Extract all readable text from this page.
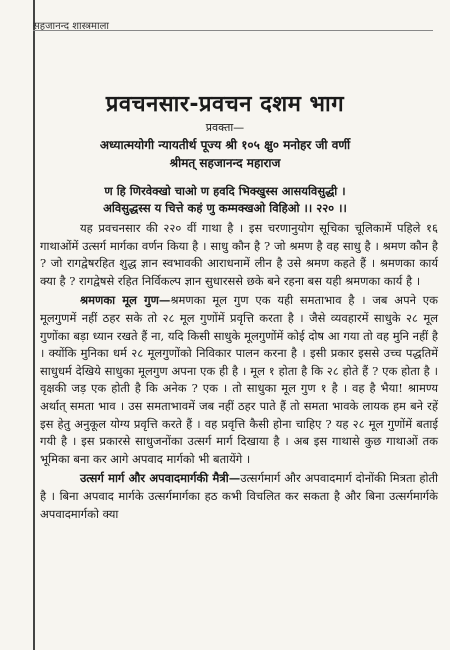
सहजानन्द शास्त्रमाला
प्रवचनसार-प्रवचन दशम भाग
प्रवक्ता—
अध्यात्मयोगी न्यायतीर्थ पूज्य श्री १०५ क्षु० मनोहर जी वर्णी
श्रीमत् सहजानन्द महाराज
ण हि णिरवेक्खो चाओ ण हवदि भिक्खुस्स आसयविसुद्धी ।
अविसुद्धस्स य चित्ते कहं णु कम्मक्खओ विहिओ ।। २२० ।।

यह प्रवचनसार की २२० वीं गाथा है । इस चरणानुयोग सूचिका चूलिकामें पहिले १६ गाथाओंमें उत्सर्ग मार्गका वर्णन किया है । साधु कौन है ? जो श्रमण है वह साधु है । श्रमण कौन है ? जो रागद्वेषरहित शुद्ध ज्ञान स्वभावकी आराधनामें लीन है उसे श्रमण कहते हैं । श्रमणका कार्य क्या है ? रागद्वेषसे रहित निर्विकल्प ज्ञान सुधारससे छके बने रहना बस यही श्रमणका कार्य है ।

श्रमणका मूल गुण—श्रमणका मूल गुण एक यही समताभाव है । जब अपने एक मूलगुणमें नहीं ठहर सके तो २८ मूल गुणोंमें प्रवृत्ति करता है । जैसे व्यवहारमें साधुके २८ मूल गुणोंका बड़ा ध्यान रखते हैं ना, यदि किसी साधुके मूलगुणोंमें कोई दोष आ गया तो वह मुनि नहीं है । क्योंकि मुनिका धर्म २८ मूलगुणोंको निविकार पालन करना है । इसी प्रकार इससे उच्च पद्धतिमें साधुधर्म देखिये साधुका मूलगुण अपना एक ही है । मूल १ होता है कि २८ होते हैं ? एक होता है । वृक्षकी जड़ एक होती है कि अनेक ? एक । तो साधुका मूल गुण १ है । वह है भैया! श्रामण्य अर्थात् समता भाव । उस समताभावमें जब नहीं ठहर पाते हैं तो समता भावके लायक हम बने रहें इस हेतु अनुकूल योग्य प्रवृत्ति करते हैं । वह प्रवृत्ति कैसी होना चाहिए ? यह २८ मूल गुणोंमें बताई गयी है । इस प्रकारसे साधुजनोंका उत्सर्ग मार्ग दिखाया है । अब इस गाथासे कुछ गाथाओं तक भूमिका बना कर आगे अपवाद मार्गको भी बतायेंगे ।

उत्सर्ग मार्ग और अपवादमार्गकी मैत्री—उत्सर्गमार्ग और अपवादमार्ग दोनोंकी मित्रता होती है । बिना अपवाद मार्गके उत्सर्गमार्गका हठ कभी विचलित कर सकता है और बिना उत्सर्गमार्गके अपवादमार्गको क्या
